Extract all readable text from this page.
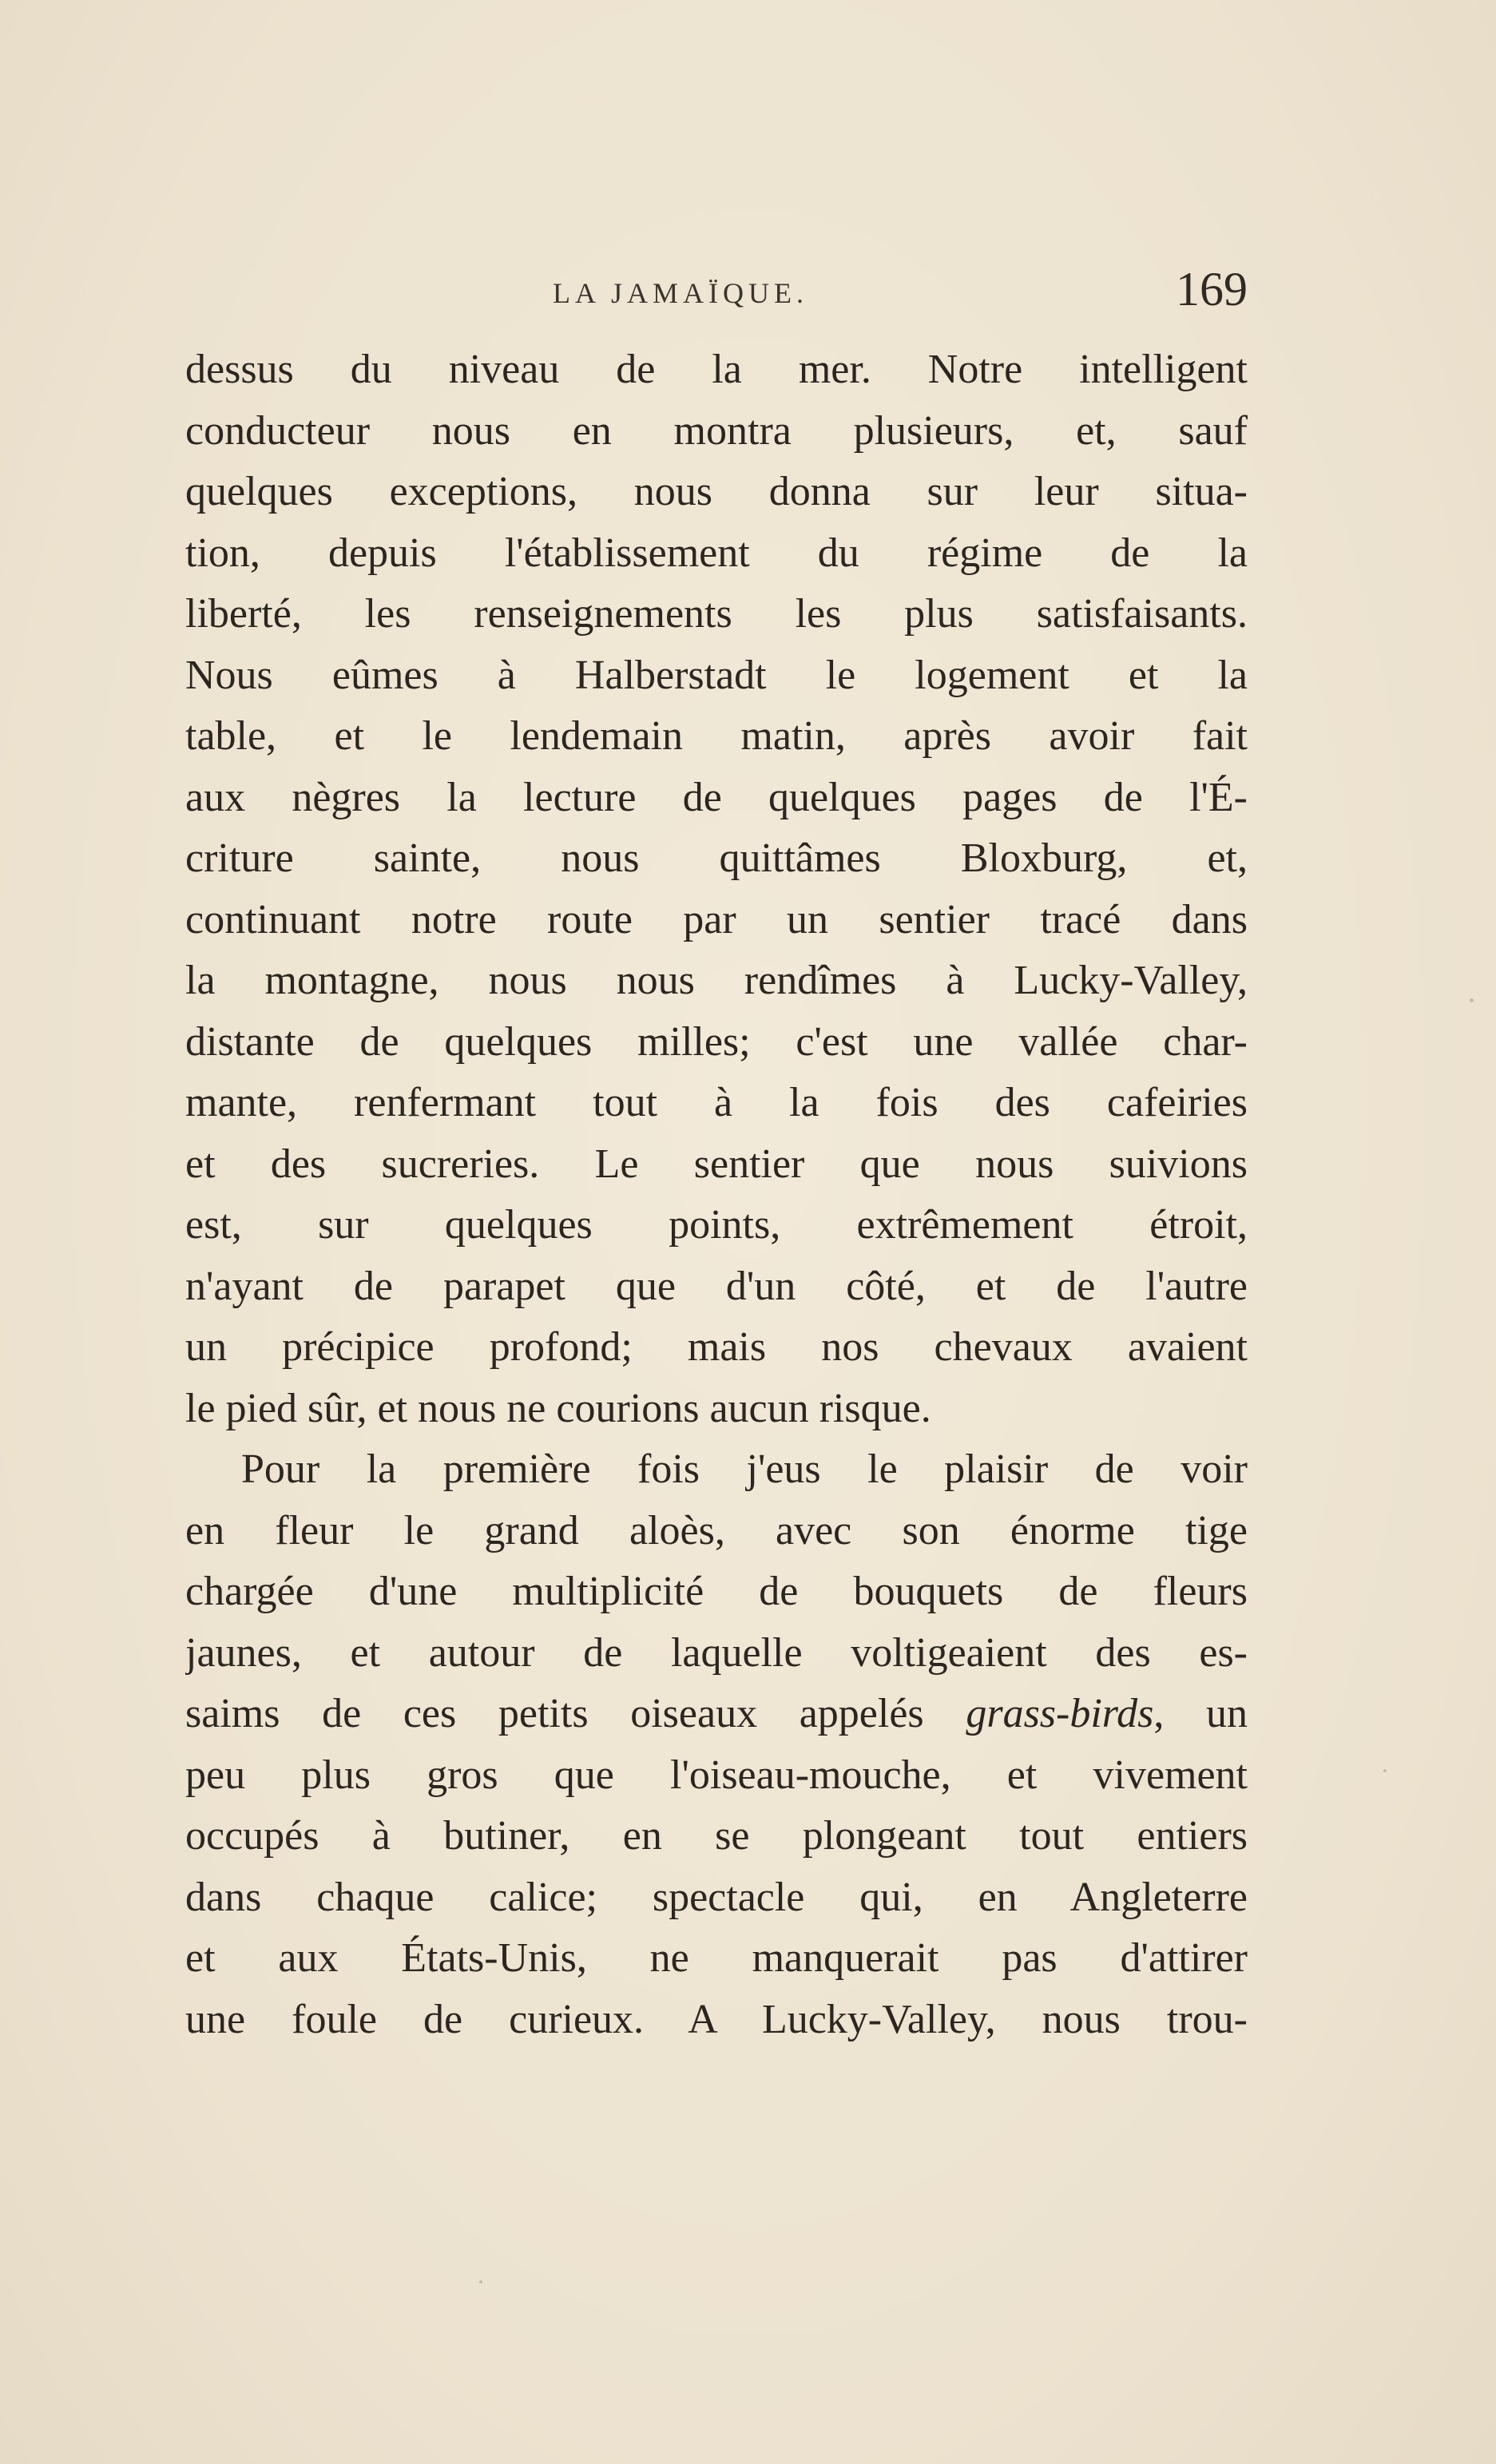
LA JAMAÏQUE.	169
dessus du niveau de la mer. Notre intelligent
conducteur nous en montra plusieurs, et, sauf
quelques exceptions, nous donna sur leur situa-
tion, depuis l'établissement du régime de la
liberté, les renseignements les plus satisfaisants.
Nous eûmes à Halberstadt le logement et la
table, et le lendemain matin, après avoir fait
aux nègres la lecture de quelques pages de l'É-
criture sainte, nous quittâmes Bloxburg, et,
continuant notre route par un sentier tracé dans
la montagne, nous nous rendîmes à Lucky-Valley,
distante de quelques milles; c'est une vallée char-
mante, renfermant tout à la fois des cafeiries
et des sucreries. Le sentier que nous suivions
est, sur quelques points, extrêmement étroit,
n'ayant de parapet que d'un côté, et de l'autre
un précipice profond; mais nos chevaux avaient
le pied sûr, et nous ne courions aucun risque.
Pour la première fois j'eus le plaisir de voir
en fleur le grand aloès, avec son énorme tige
chargée d'une multiplicité de bouquets de fleurs
jaunes, et autour de laquelle voltigeaient des es-
saims de ces petits oiseaux appelés grass-birds, un
peu plus gros que l'oiseau-mouche, et vivement
occupés à butiner, en se plongeant tout entiers
dans chaque calice; spectacle qui, en Angleterre
et aux États-Unis, ne manquerait pas d'attirer
une foule de curieux. A Lucky-Valley, nous trou-
